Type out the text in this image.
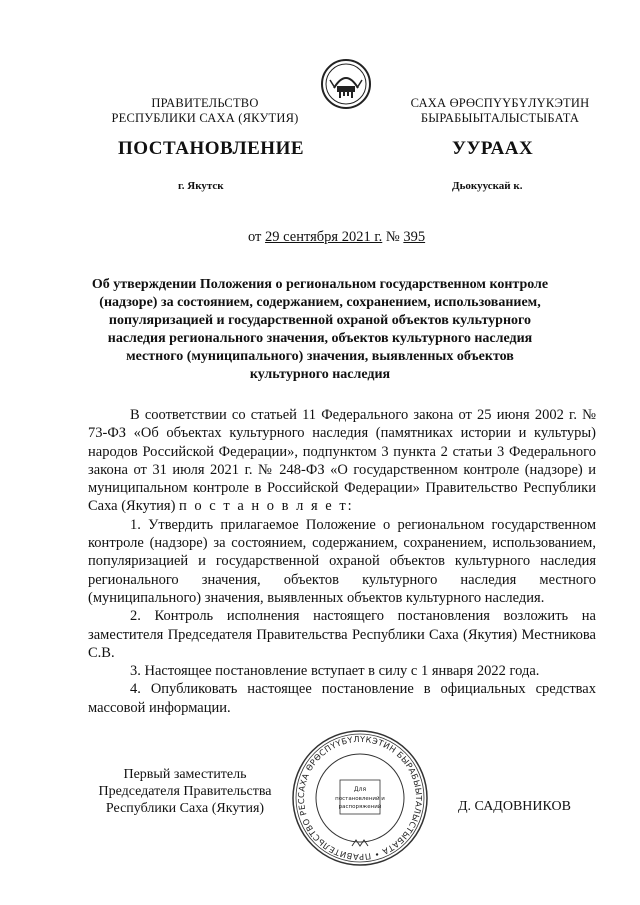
ПРАВИТЕЛЬСТВО
РЕСПУБЛИКИ САХА (ЯКУТИЯ)
САХА ӨРӨСПҮҮБҮЛҮКЭТИН
БЫРАБЫЫТАЛЫСТЫБАТА
ПОСТАНОВЛЕНИЕ	УУРААХ
г. Якутск	Дьокуускай к.
от 29 сентября 2021 г. № 395
Об утверждении Положения о региональном государственном контроле (надзоре) за состоянием, содержанием, сохранением, использованием, популяризацией и государственной охраной объектов культурного наследия регионального значения, объектов культурного наследия местного (муниципального) значения, выявленных объектов культурного наследия

В соответствии со статьей 11 Федерального закона от 25 июня 2002 г. № 73-ФЗ «Об объектах культурного наследия (памятниках истории и культуры) народов Российской Федерации», подпунктом 3 пункта 2 статьи 3 Федерального закона от 31 июля 2021 г. № 248-ФЗ «О государственном контроле (надзоре) и муниципальном контроле в Российской Федерации» Правительство Республики Саха (Якутия) п о с т а н о в л я е т:

1. Утвердить прилагаемое Положение о региональном государственном контроле (надзоре) за состоянием, содержанием, сохранением, использованием, популяризацией и государственной охраной объектов культурного наследия регионального значения, объектов культурного наследия местного (муниципального) значения, выявленных объектов культурного наследия.

2. Контроль исполнения настоящего постановления возложить на заместителя Председателя Правительства Республики Саха (Якутия) Местникова С.В.

3. Настоящее постановление вступает в силу с 1 января 2022 года.

4. Опубликовать настоящее постановление в официальных средствах массовой информации.

Первый заместитель
Председателя Правительства
Республики Саха (Якутия)
САХА ӨРӨСПҮҮБҮЛҮКЭТИН БЫРАБЫЫТАЛЫСТЫБАТА • ПРАВИТЕЛЬСТВО РЕС
Для
постановлений и
распоряжений	Д. САДОВНИКОВ
